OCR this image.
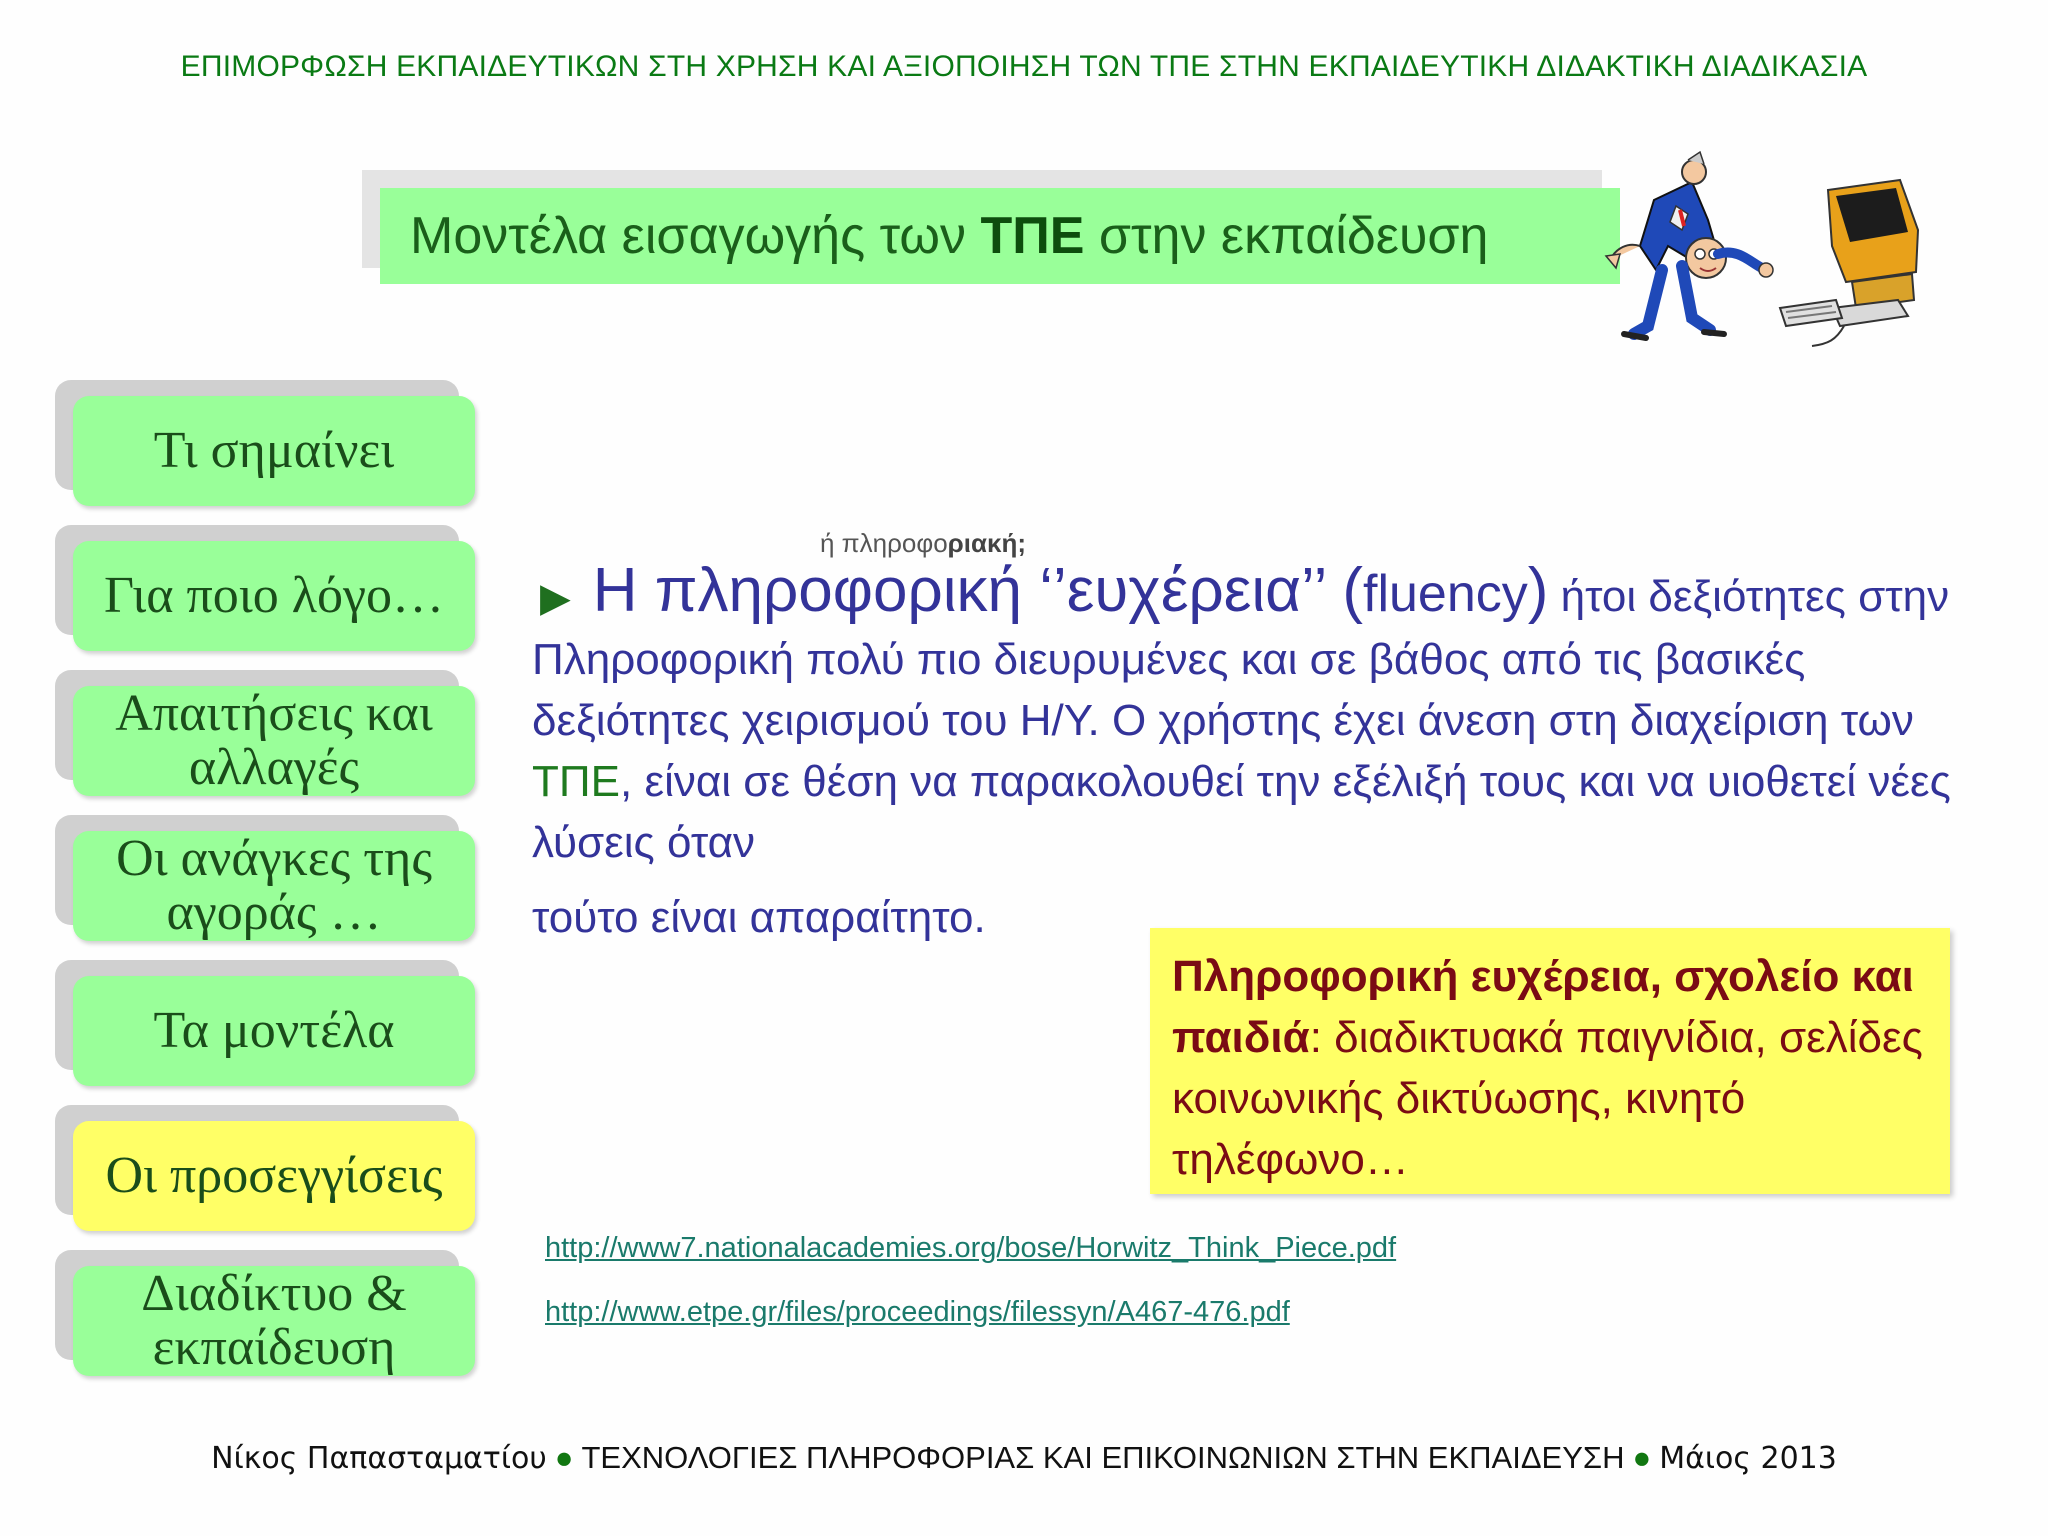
ΕΠΙΜΟΡΦΩΣΗ ΕΚΠΑΙΔΕΥΤΙΚΩΝ ΣΤΗ ΧΡΗΣΗ ΚΑΙ ΑΞΙΟΠΟΙΗΣΗ ΤΩΝ ΤΠΕ ΣΤΗΝ ΕΚΠΑΙΔΕΥΤΙΚΗ ΔΙΔΑΚΤΙΚΗ ΔΙΑΔΙΚΑΣΙΑ
Μοντέλα εισαγωγής των ΤΠΕ στην εκπαίδευση
Τι σημαίνει
Για ποιο λόγο…
Απαιτήσεις και αλλαγές
Οι ανάγκες της αγοράς …
Τα μοντέλα
Οι προσεγγίσεις
Διαδίκτυο & εκπαίδευση
ή πληροφοριακή;
▶ Η πληροφορική ‘’ευχέρεια’’ (fluency) ήτοι δεξιότητες στην Πληροφορική πολύ πιο διευρυμένες και σε βάθος από τις βασικές δεξιότητες χειρισμού του Η/Υ. Ο χρήστης έχει άνεση στη διαχείριση των ΤΠΕ, είναι σε θέση να παρακολουθεί την εξέλιξή τους και να υιοθετεί νέες λύσεις όταν
τούτο είναι απαραίτητο.
Πληροφορική ευχέρεια, σχολείο και παιδιά: διαδικτυακά παιγνίδια, σελίδες κοινωνικής δικτύωσης, κινητό τηλέφωνο…
http://www7.nationalacademies.org/bose/Horwitz_Think_Piece.pdf
http://www.etpe.gr/files/proceedings/filessyn/A467-476.pdf
Νίκος Παπασταματίου ● ΤΕΧΝΟΛΟΓΙΕΣ ΠΛΗΡΟΦΟΡΙΑΣ ΚΑΙ ΕΠΙΚΟΙΝΩΝΙΩΝ ΣΤΗΝ ΕΚΠΑΙΔΕΥΣΗ ● Μάιος 2013
